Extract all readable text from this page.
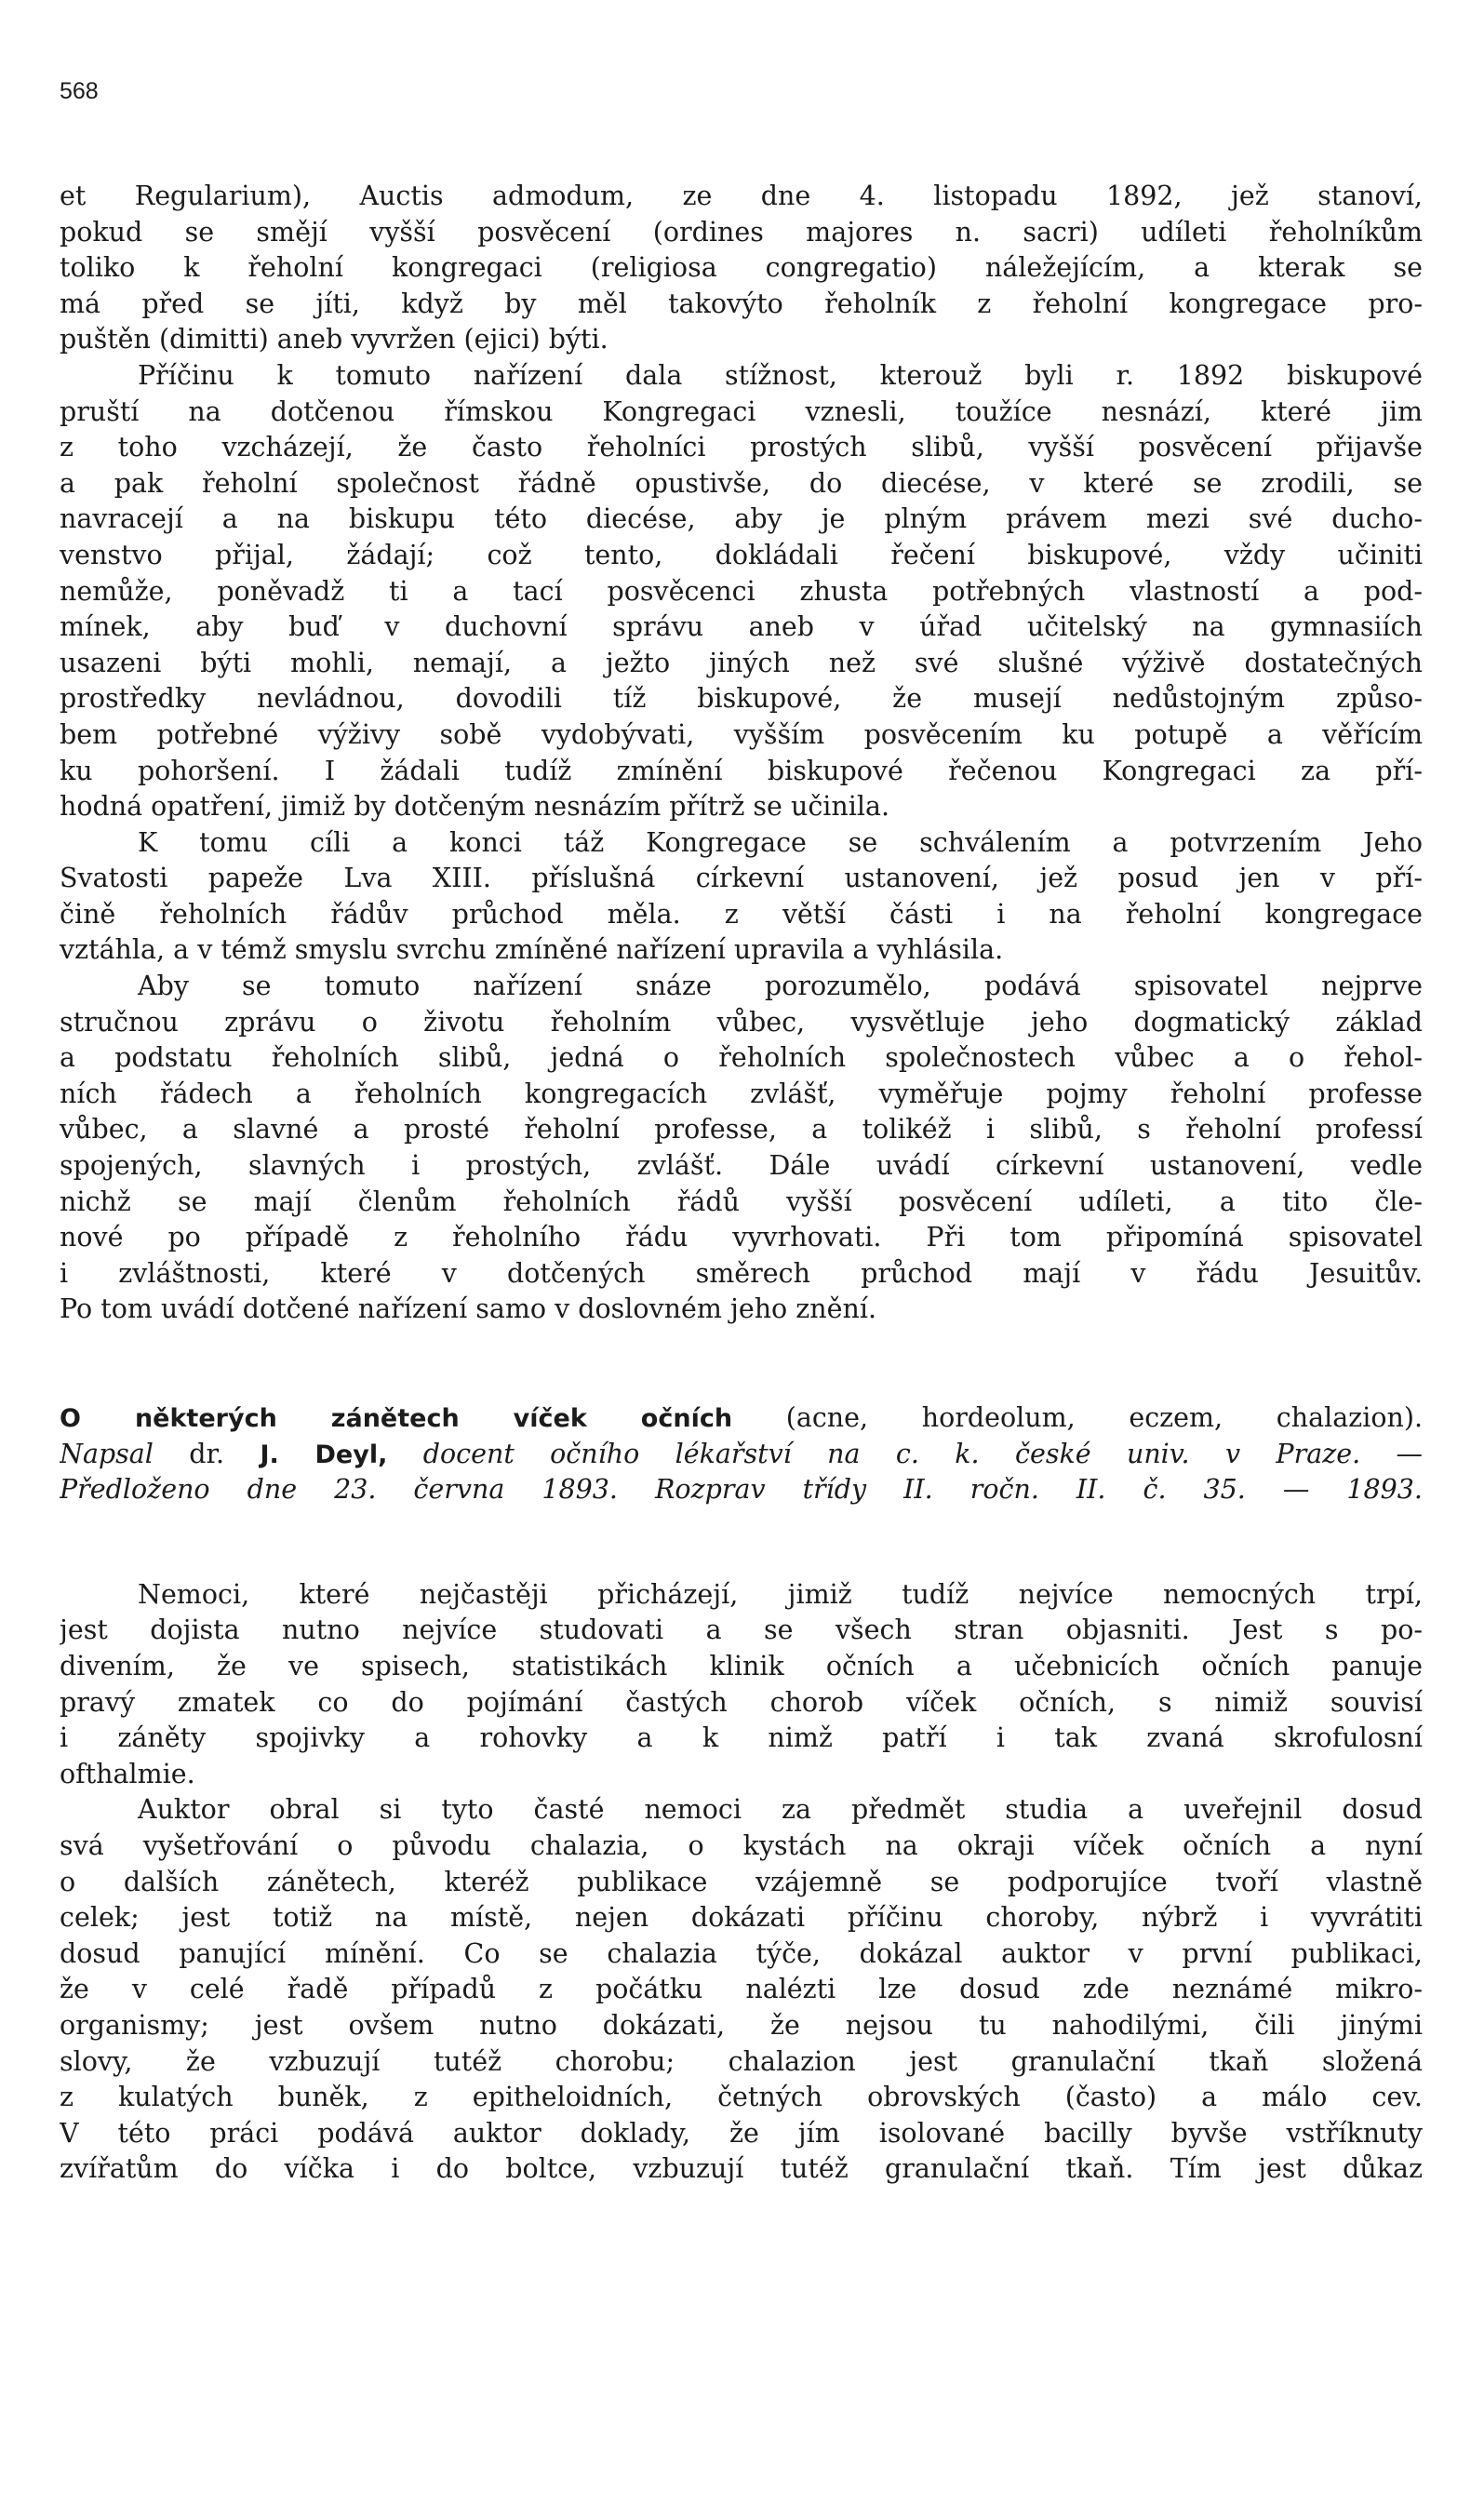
568
et Regularium), Auctis admodum, ze dne 4. listopadu 1892, jež stanoví,
pokud se smějí vyšší posvěcení (ordines majores n. sacri) udíleti řeholníkům
toliko k řeholní kongregaci (religiosa congregatio) náležejícím, a kterak se
má před se jíti, když by měl takovýto řeholník z řeholní kongregace pro-
puštěn (dimitti) aneb vyvržen (ejici) býti.
Příčinu k tomuto nařízení dala stížnost, kterouž byli r. 1892 biskupové
pruští na dotčenou římskou Kongregaci vznesli, toužíce nesnází, které jim
z toho vzcházejí, že často řeholníci prostých slibů, vyšší posvěcení přijavše
a pak řeholní společnost řádně opustivše, do diecése, v které se zrodili, se
navracejí a na biskupu této diecése, aby je plným právem mezi své ducho-
venstvo přijal, žádají; což tento, dokládali řečení biskupové, vždy učiniti
nemůže, poněvadž ti a tací posvěcenci zhusta potřebných vlastností a pod-
mínek, aby buď v duchovní správu aneb v úřad učitelský na gymnasiích
usazeni býti mohli, nemají, a ježto jiných než své slušné výživě dostatečných
prostředky nevládnou, dovodili tíž biskupové, že musejí nedůstojným způso-
bem potřebné výživy sobě vydobývati, vyšším posvěcením ku potupě a věřícím
ku pohoršení. I žádali tudíž zmínění biskupové řečenou Kongregaci za pří-
hodná opatření, jimiž by dotčeným nesnázím přítrž se učinila.
K tomu cíli a konci táž Kongregace se schválením a potvrzením Jeho
Svatosti papeže Lva XIII. příslušná církevní ustanovení, jež posud jen v pří-
čině řeholních řádův průchod měla. z větší části i na řeholní kongregace
vztáhla, a v témž smyslu svrchu zmíněné nařízení upravila a vyhlásila.
Aby se tomuto nařízení snáze porozumělo, podává spisovatel nejprve
stručnou zprávu o životu řeholním vůbec, vysvětluje jeho dogmatický základ
a podstatu řeholních slibů, jedná o řeholních společnostech vůbec a o řehol-
ních řádech a řeholních kongregacích zvlášť, vyměřuje pojmy řeholní professe
vůbec, a slavné a prosté řeholní professe, a tolikéž i slibů, s řeholní professí
spojených, slavných i prostých, zvlášť. Dále uvádí církevní ustanovení, vedle
nichž se mají členům řeholních řádů vyšší posvěcení udíleti, a tito čle-
nové po případě z řeholního řádu vyvrhovati. Při tom připomíná spisovatel
i zvláštnosti, které v dotčených směrech průchod mají v řádu Jesuitův.
Po tom uvádí dotčené nařízení samo v doslovném jeho znění.
O některých zánětech víček očních (acne, hordeolum, eczem, chalazion).
Napsal dr. J. Deyl, docent očního lékařství na c. k. české univ. v Praze. —
Předloženo dne 23. června 1893. Rozprav třídy II. ročn. II. č. 35. — 1893.
Nemoci, které nejčastěji přicházejí, jimiž tudíž nejvíce nemocných trpí,
jest dojista nutno nejvíce studovati a se všech stran objasniti. Jest s po-
divením, že ve spisech, statistikách klinik očních a učebnicích očních panuje
pravý zmatek co do pojímání častých chorob víček očních, s nimiž souvisí
i záněty spojivky a rohovky a k nimž patří i tak zvaná skrofulosní
ofthalmie.
Auktor obral si tyto časté nemoci za předmět studia a uveřejnil dosud
svá vyšetřování o původu chalazia, o kystách na okraji víček očních a nyní
o dalších zánětech, kteréž publikace vzájemně se podporujíce tvoří vlastně
celek; jest totiž na místě, nejen dokázati příčinu choroby, nýbrž i vyvrátiti
dosud panující mínění. Co se chalazia týče, dokázal auktor v první publikaci,
že v celé řadě případů z počátku nalézti lze dosud zde neznámé mikro-
organismy; jest ovšem nutno dokázati, že nejsou tu nahodilými, čili jinými
slovy, že vzbuzují tutéž chorobu; chalazion jest granulační tkaň složená
z kulatých buněk, z epitheloidních, četných obrovských (často) a málo cev.
V této práci podává auktor doklady, že jím isolované bacilly byvše vstříknuty
zvířatům do víčka i do boltce, vzbuzují tutéž granulační tkaň. Tím jest důkaz
